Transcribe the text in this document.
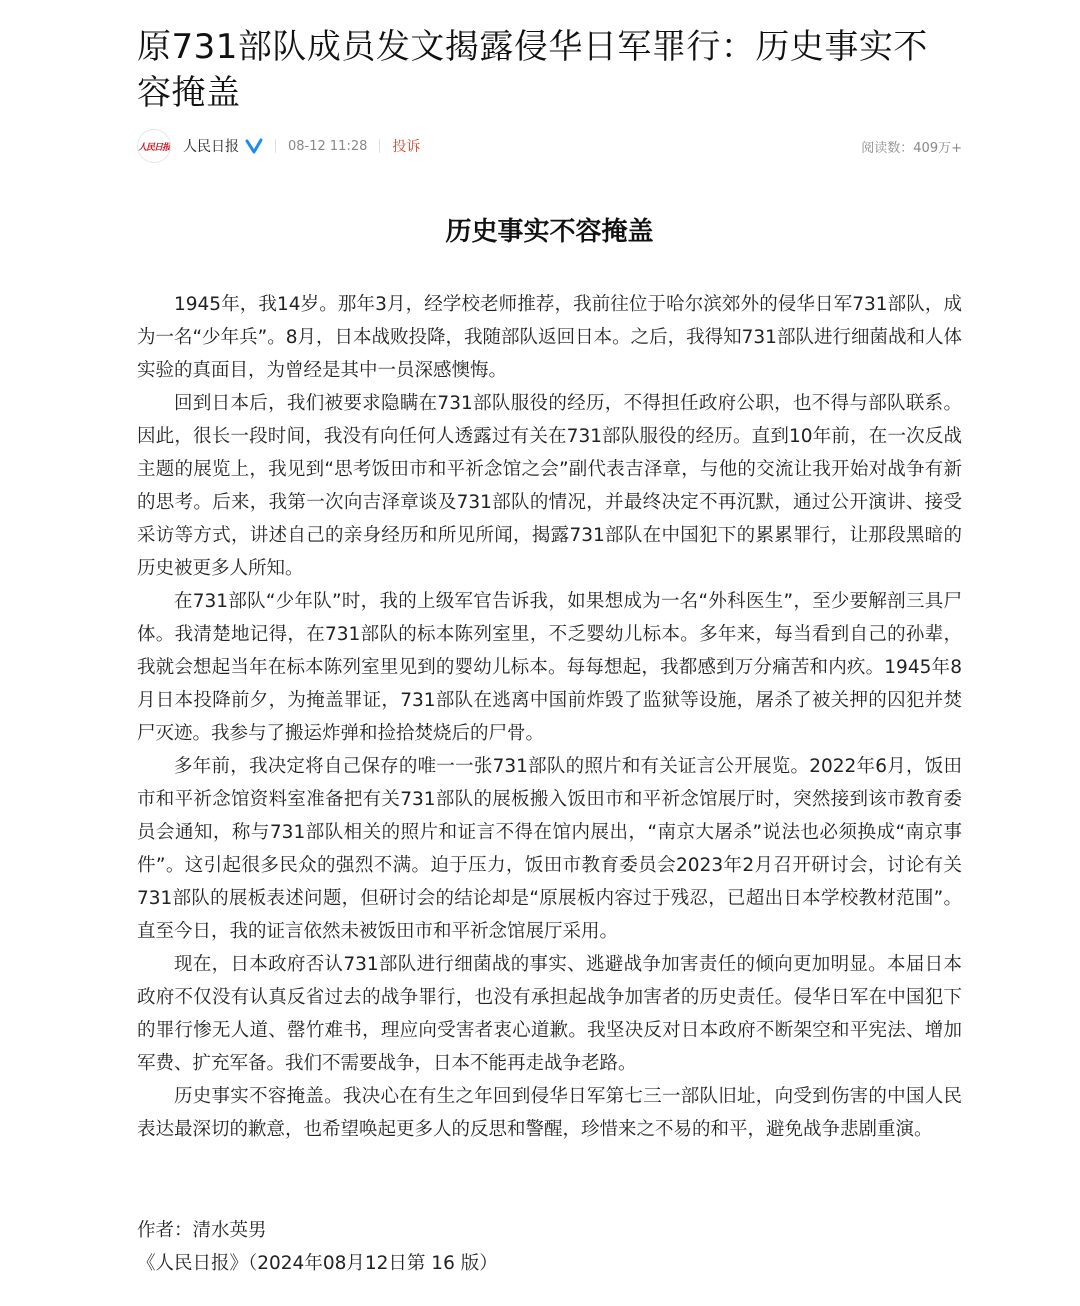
原731部队成员发文揭露侵华日军罪行：历史事实不容掩盖
人民日报 人民日报	08-12 11:28 投诉	阅读数：409万+
历史事实不容掩盖

1945年，我14岁。那年3月，经学校老师推荐，我前往位于哈尔滨郊外的侵华日军731部队，成为一名“少年兵”。8月，日本战败投降，我随部队返回日本。之后，我得知731部队进行细菌战和人体实验的真面目，为曾经是其中一员深感懊悔。

回到日本后，我们被要求隐瞒在731部队服役的经历，不得担任政府公职，也不得与部队联系。因此，很长一段时间，我没有向任何人透露过有关在731部队服役的经历。直到10年前，在一次反战主题的展览上，我见到“思考饭田市和平祈念馆之会”副代表吉泽章，与他的交流让我开始对战争有新的思考。后来，我第一次向吉泽章谈及731部队的情况，并最终决定不再沉默，通过公开演讲、接受采访等方式，讲述自己的亲身经历和所见所闻，揭露731部队在中国犯下的累累罪行，让那段黑暗的历史被更多人所知。

在731部队“少年队”时，我的上级军官告诉我，如果想成为一名“外科医生”，至少要解剖三具尸体。我清楚地记得，在731部队的标本陈列室里，不乏婴幼儿标本。多年来，每当看到自己的孙辈，我就会想起当年在标本陈列室里见到的婴幼儿标本。每每想起，我都感到万分痛苦和内疚。1945年8月日本投降前夕，为掩盖罪证，731部队在逃离中国前炸毁了监狱等设施，屠杀了被关押的囚犯并焚尸灭迹。我参与了搬运炸弹和捡拾焚烧后的尸骨。

多年前，我决定将自己保存的唯一一张731部队的照片和有关证言公开展览。2022年6月，饭田市和平祈念馆资料室准备把有关731部队的展板搬入饭田市和平祈念馆展厅时，突然接到该市教育委员会通知，称与731部队相关的照片和证言不得在馆内展出，“南京大屠杀”说法也必须换成“南京事件”。这引起很多民众的强烈不满。迫于压力，饭田市教育委员会2023年2月召开研讨会，讨论有关731部队的展板表述问题，但研讨会的结论却是“原展板内容过于残忍，已超出日本学校教材范围”。直至今日，我的证言依然未被饭田市和平祈念馆展厅采用。

现在，日本政府否认731部队进行细菌战的事实、逃避战争加害责任的倾向更加明显。本届日本政府不仅没有认真反省过去的战争罪行，也没有承担起战争加害者的历史责任。侵华日军在中国犯下的罪行惨无人道、罄竹难书，理应向受害者衷心道歉。我坚决反对日本政府不断架空和平宪法、增加军费、扩充军备。我们不需要战争，日本不能再走战争老路。

历史事实不容掩盖。我决心在有生之年回到侵华日军第七三一部队旧址，向受到伤害的中国人民表达最深切的歉意，也希望唤起更多人的反思和警醒，珍惜来之不易的和平，避免战争悲剧重演。

作者：清水英男
《人民日报》（2024年08月12日第 16 版）
